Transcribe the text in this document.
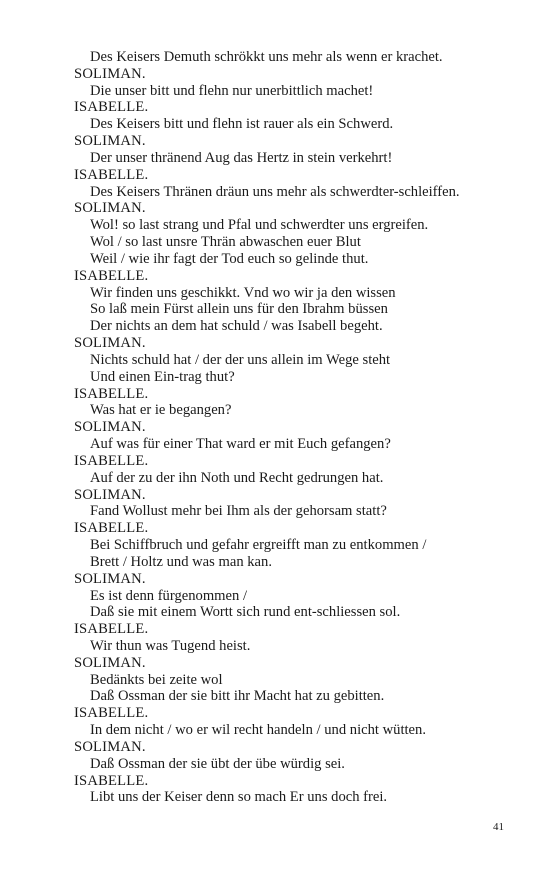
Des Keisers Demuth schrökkt uns mehr als wenn er krachet.
SOLIMAN.
Die unser bitt und flehn nur unerbittlich machet!
ISABELLE.
Des Keisers bitt und flehn ist rauer als ein Schwerd.
SOLIMAN.
Der unser thränend Aug das Hertz in stein verkehrt!
ISABELLE.
Des Keisers Thränen dräun uns mehr als schwerdter-schleiffen.
SOLIMAN.
Wol! so last strang und Pfal und schwerdter uns ergreifen.
Wol / so last unsre Thrän abwaschen euer Blut
Weil / wie ihr fagt der Tod euch so gelinde thut.
ISABELLE.
Wir finden uns geschikkt. Vnd wo wir ja den wissen
So laß mein Fürst allein uns für den Ibrahm büssen
Der nichts an dem hat schuld / was Isabell begeht.
SOLIMAN.
Nichts schuld hat / der der uns allein im Wege steht
Und einen Ein-trag thut?
ISABELLE.
Was hat er ie begangen?
SOLIMAN.
Auf was für einer That ward er mit Euch gefangen?
ISABELLE.
Auf der zu der ihn Noth und Recht gedrungen hat.
SOLIMAN.
Fand Wollust mehr bei Ihm als der gehorsam statt?
ISABELLE.
Bei Schiffbruch und gefahr ergreifft man zu entkommen /
Brett / Holtz und was man kan.
SOLIMAN.
Es ist denn fürgenommen /
Daß sie mit einem Wortt sich rund ent-schliessen sol.
ISABELLE.
Wir thun was Tugend heist.
SOLIMAN.
Bedänkts bei zeite wol
Daß Ossman der sie bitt ihr Macht hat zu gebitten.
ISABELLE.
In dem nicht / wo er wil recht handeln / und nicht wütten.
SOLIMAN.
Daß Ossman der sie übt der übe würdig sei.
ISABELLE.
Libt uns der Keiser denn so mach Er uns doch frei.
41
